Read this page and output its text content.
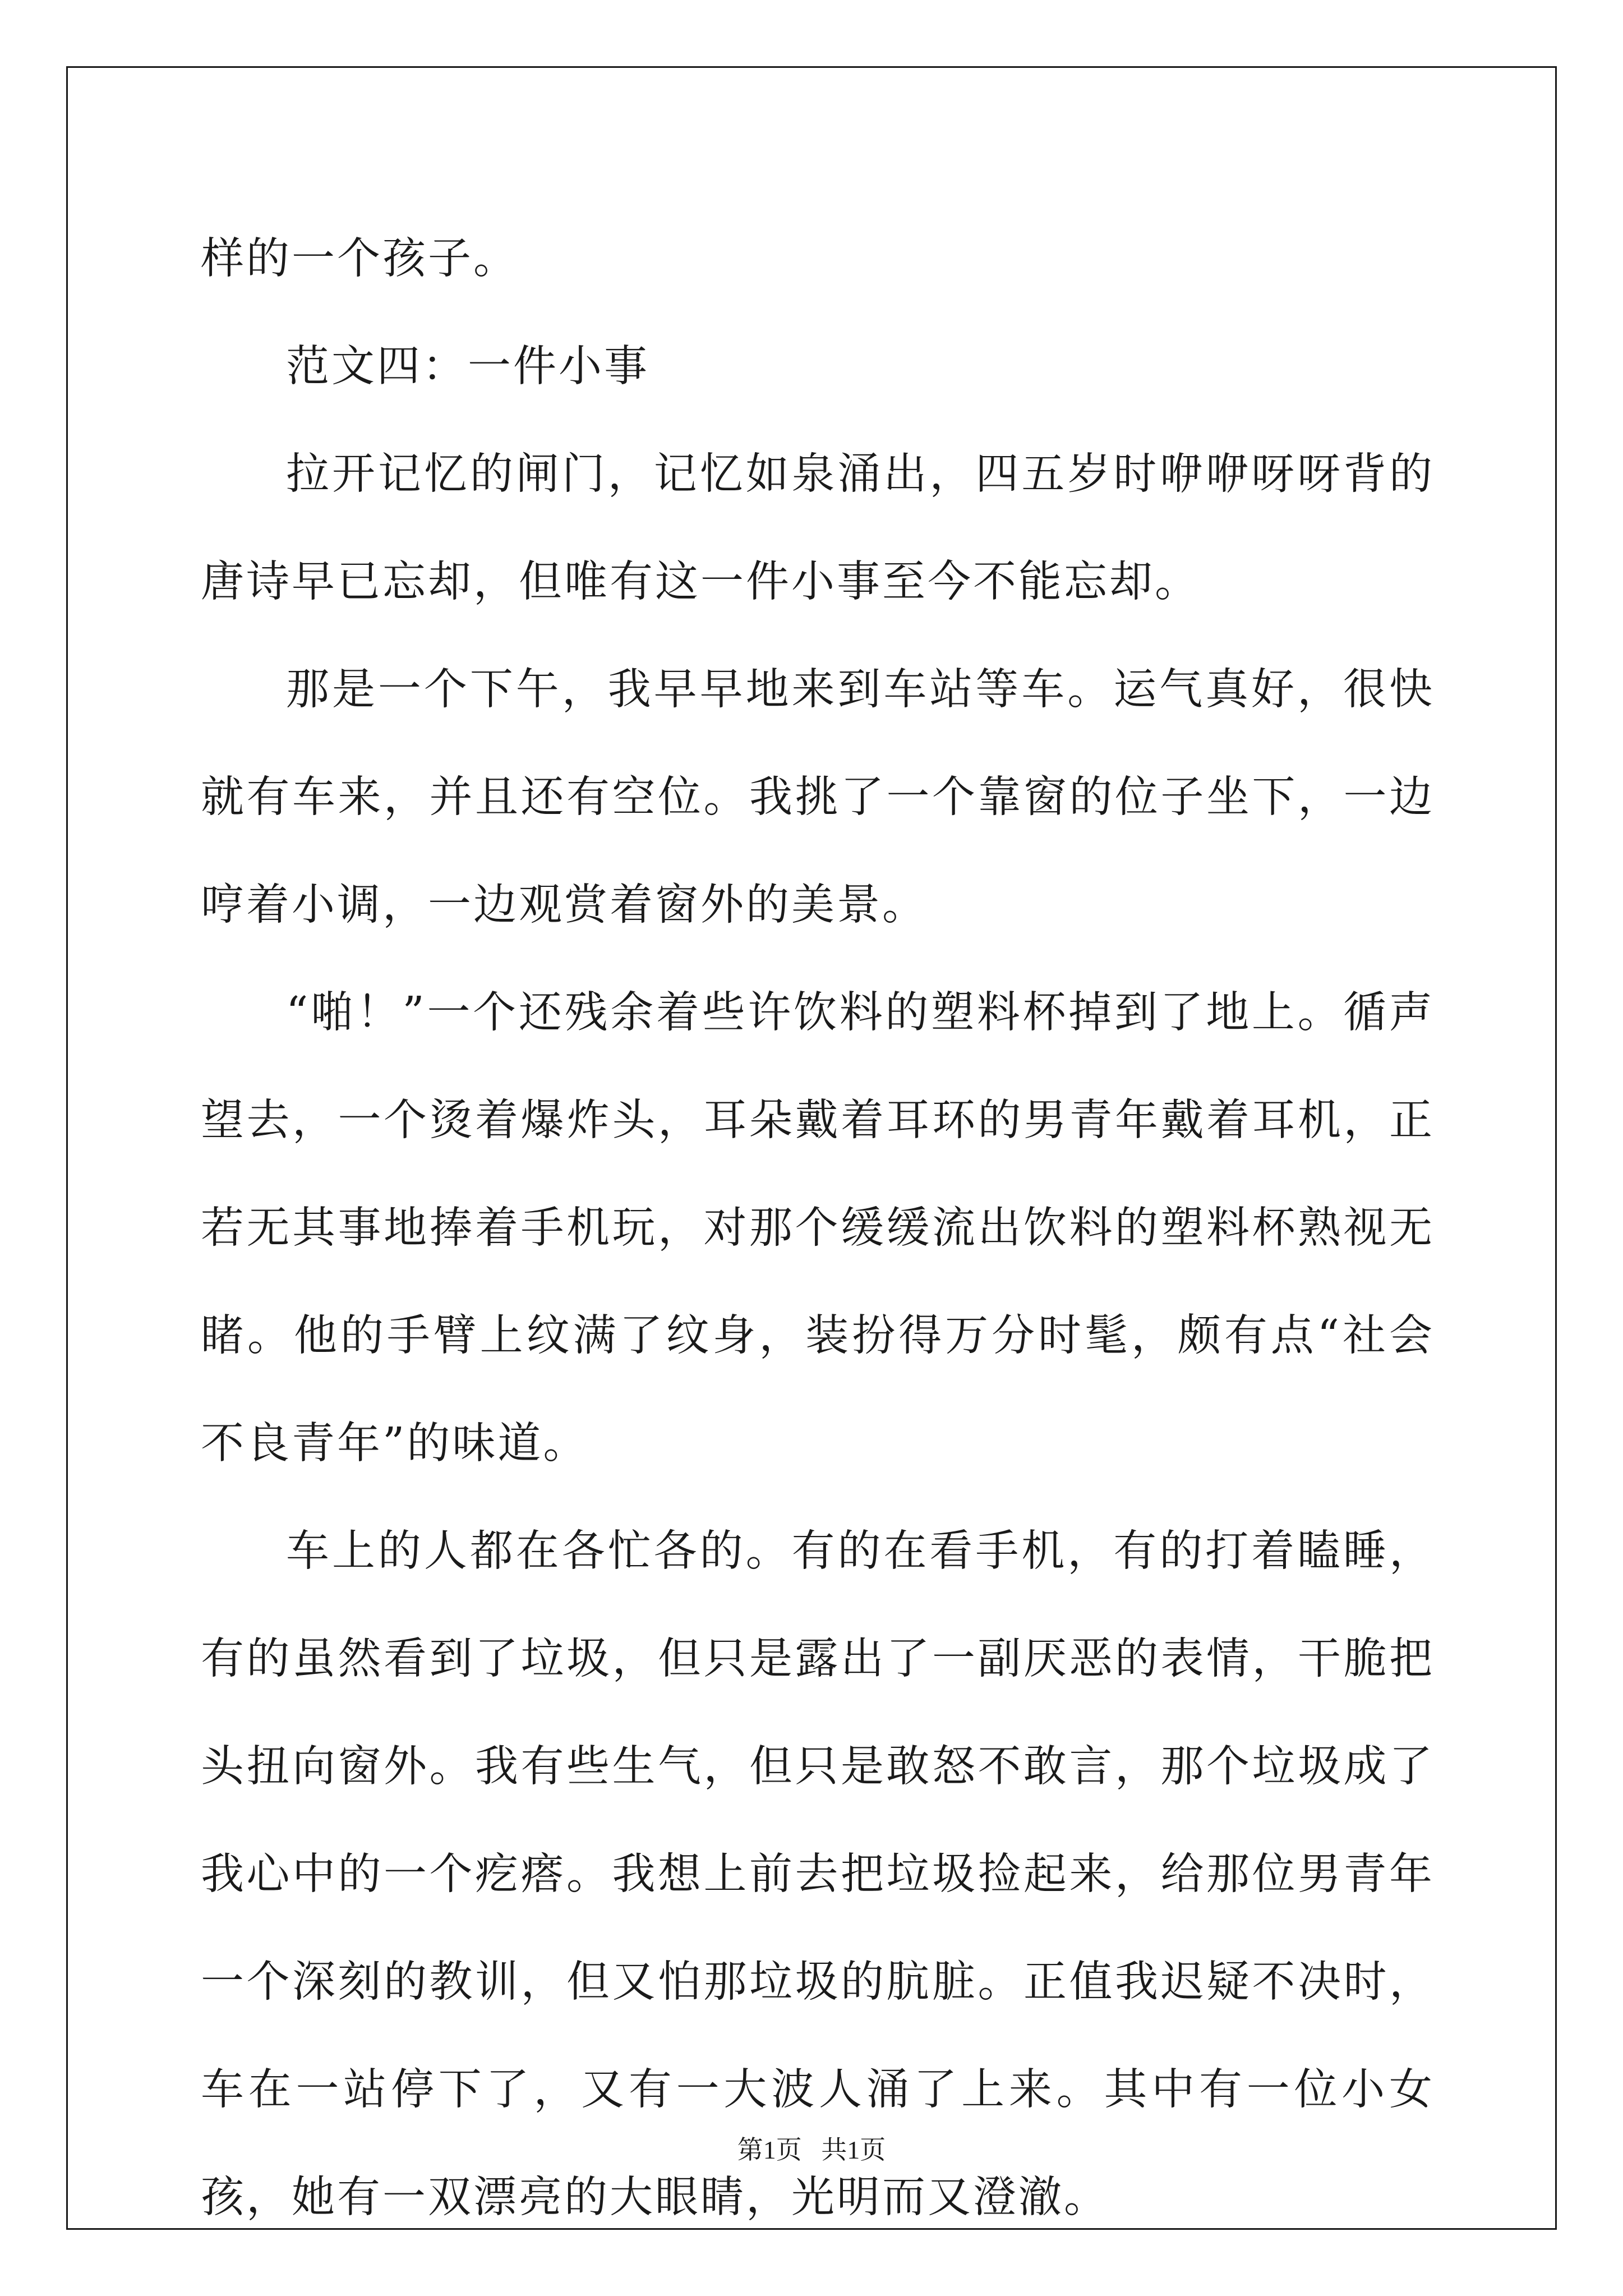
样的一个孩子。

范文四：一件小事

拉开记忆的闸门，记忆如泉涌出，四五岁时咿咿呀呀背的唐诗早已忘却，但唯有这一件小事至今不能忘却。

那是一个下午，我早早地来到车站等车。运气真好，很快就有车来，并且还有空位。我挑了一个靠窗的位子坐下，一边哼着小调，一边观赏着窗外的美景。

“啪！”一个还残余着些许饮料的塑料杯掉到了地上。循声望去，一个烫着爆炸头，耳朵戴着耳环的男青年戴着耳机，正若无其事地捧着手机玩，对那个缓缓流出饮料的塑料杯熟视无睹。他的手臂上纹满了纹身，装扮得万分时髦，颇有点“社会不良青年”的味道。

车上的人都在各忙各的。有的在看手机，有的打着瞌睡，有的虽然看到了垃圾，但只是露出了一副厌恶的表情，干脆把头扭向窗外。我有些生气，但只是敢怒不敢言，那个垃圾成了我心中的一个疙瘩。我想上前去把垃圾捡起来，给那位男青年一个深刻的教训，但又怕那垃圾的肮脏。正值我迟疑不决时，车在一站停下了，又有一大波人涌了上来。其中有一位小女孩，她有一双漂亮的大眼睛，光明而又澄澈。

第1页   共1页
